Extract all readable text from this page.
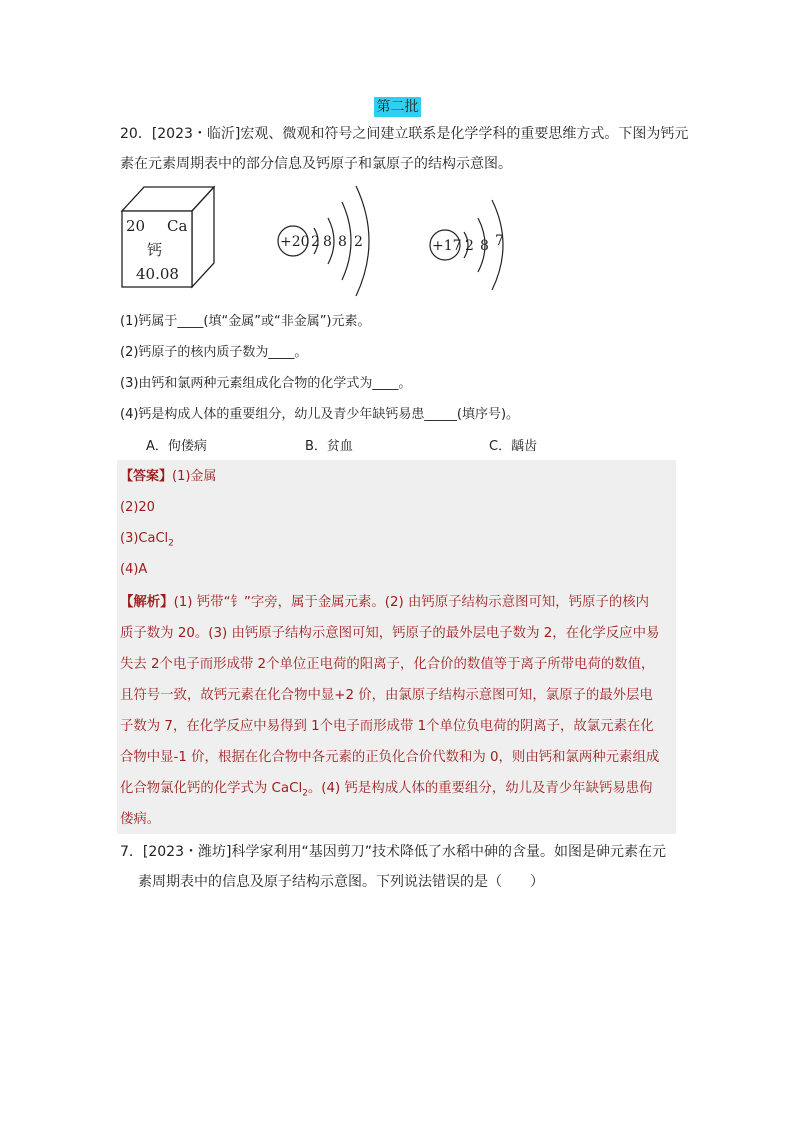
第二批
20．[2023・临沂]宏观、微观和符号之间建立联系是化学学科的重要思维方式。下图为钙元
素在元素周期表中的部分信息及钙原子和氯原子的结构示意图。
20 Ca
钙
40.08
+20 2 8 8 2	+17 2 8 7
(1)钙属于____(填“金属”或“非金属”)元素。
(2)钙原子的核内质子数为____。
(3)由钙和氯两种元素组成化合物的化学式为____。
(4)钙是构成人体的重要组分，幼儿及青少年缺钙易患_____(填序号)。
A．佝偻病	B．贫血	C．龋齿
【答案】(1)金属
(2)20
(3)CaCl$_2$
(4)A
【解析】(1) 钙带“钅”字旁，属于金属元素。(2) 由钙原子结构示意图可知，钙原子的核内
质子数为 20。(3) 由钙原子结构示意图可知，钙原子的最外层电子数为 2，在化学反应中易
失去 2个电子而形成带 2个单位正电荷的阳离子，化合价的数值等于离子所带电荷的数值，
且符号一致，故钙元素在化合物中显+2 价，由氯原子结构示意图可知，氯原子的最外层电
子数为 7，在化学反应中易得到 1个电子而形成带 1个单位负电荷的阴离子，故氯元素在化
合物中显-1 价，根据在化合物中各元素的正负化合价代数和为 0，则由钙和氯两种元素组成
化合物氯化钙的化学式为 CaCl$_2$。(4) 钙是构成人体的重要组分，幼儿及青少年缺钙易患佝
偻病。
7．[2023・潍坊]科学家利用“基因剪刀”技术降低了水稻中砷的含量。如图是砷元素在元
素周期表中的信息及原子结构示意图。下列说法错误的是（　　）
